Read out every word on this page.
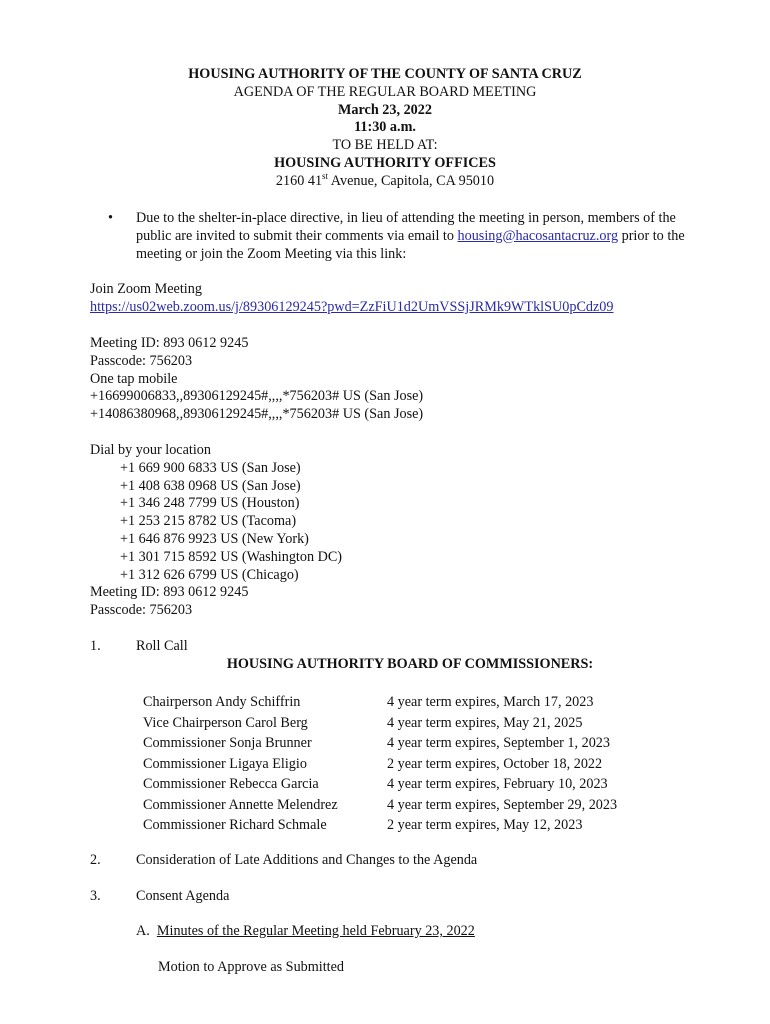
HOUSING AUTHORITY OF THE COUNTY OF SANTA CRUZ
AGENDA OF THE REGULAR BOARD MEETING
March 23, 2022
11:30 a.m.
TO BE HELD AT:
HOUSING AUTHORITY OFFICES
2160 41st Avenue, Capitola, CA 95010
• Due to the shelter-in-place directive, in lieu of attending the meeting in person, members of the public are invited to submit their comments via email to housing@hacosantacruz.org prior to the meeting or join the Zoom Meeting via this link:
Join Zoom Meeting
https://us02web.zoom.us/j/89306129245?pwd=ZzFiU1d2UmVSSjJRMk9WTklSU0pCdz09
Meeting ID: 893 0612 9245
Passcode: 756203
One tap mobile
+16699006833,,89306129245#,,,,*756203# US (San Jose)
+14086380968,,89306129245#,,,,*756203# US (San Jose)
Dial by your location
+1 669 900 6833 US (San Jose)
+1 408 638 0968 US (San Jose)
+1 346 248 7799 US (Houston)
+1 253 215 8782 US (Tacoma)
+1 646 876 9923 US (New York)
+1 301 715 8592 US (Washington DC)
+1 312 626 6799 US (Chicago)
Meeting ID: 893 0612 9245
Passcode: 756203
1. Roll Call
HOUSING AUTHORITY BOARD OF COMMISSIONERS:
Chairperson Andy Schiffrin	4 year term expires, March 17, 2023
Vice Chairperson Carol Berg	4 year term expires, May 21, 2025
Commissioner Sonja Brunner	4 year term expires, September 1, 2023
Commissioner Ligaya Eligio	2 year term expires, October 18, 2022
Commissioner Rebecca Garcia	4 year term expires, February 10, 2023
Commissioner Annette Melendrez	4 year term expires, September 29, 2023
Commissioner Richard Schmale	2 year term expires, May 12, 2023
2. Consideration of Late Additions and Changes to the Agenda
3. Consent Agenda
A. Minutes of the Regular Meeting held February 23, 2022
Motion to Approve as Submitted
